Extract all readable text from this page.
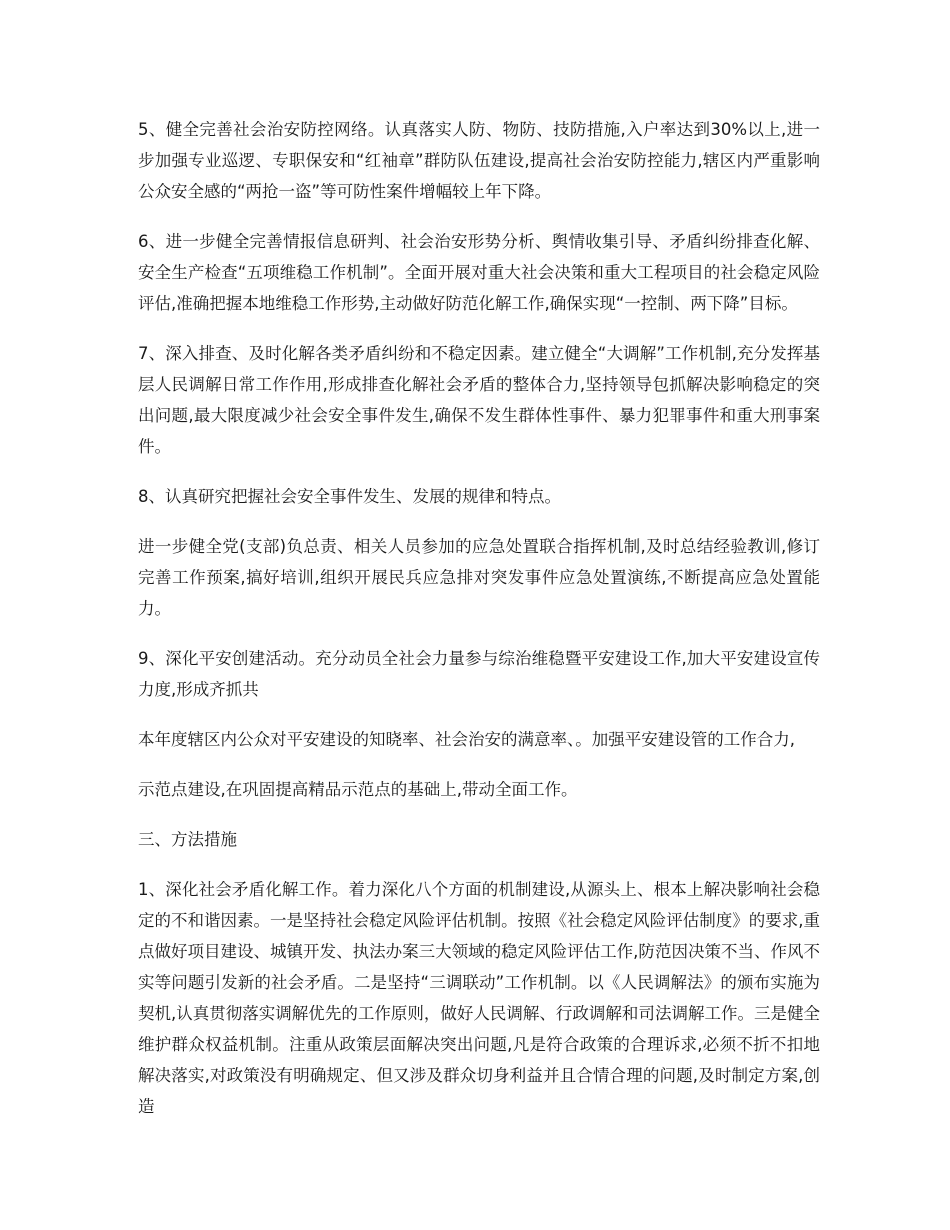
5、健全完善社会治安防控网络。认真落实人防、物防、技防措施,入户率达到30%以上,进一步加强专业巡逻、专职保安和“红袖章”群防队伍建设,提高社会治安防控能力,辖区内严重影响公众安全感的“两抢一盗”等可防性案件增幅较上年下降。

6、进一步健全完善情报信息研判、社会治安形势分析、舆情收集引导、矛盾纠纷排查化解、安全生产检查“五项维稳工作机制”。全面开展对重大社会决策和重大工程项目的社会稳定风险评估,准确把握本地维稳工作形势,主动做好防范化解工作,确保实现“一控制、两下降”目标。

7、深入排查、及时化解各类矛盾纠纷和不稳定因素。建立健全“大调解”工作机制,充分发挥基层人民调解日常工作作用,形成排查化解社会矛盾的整体合力,坚持领导包抓解决影响稳定的突出问题,最大限度减少社会安全事件发生,确保不发生群体性事件、暴力犯罪事件和重大刑事案件。

8、认真研究把握社会安全事件发生、发展的规律和特点。

进一步健全党(支部)负总责、相关人员参加的应急处置联合指挥机制,及时总结经验教训,修订完善工作预案,搞好培训,组织开展民兵应急排对突发事件应急处置演练,不断提高应急处置能力。

9、深化平安创建活动。充分动员全社会力量参与综治维稳暨平安建设工作,加大平安建设宣传力度,形成齐抓共

本年度辖区内公众对平安建设的知晓率、社会治安的满意率、。加强平安建设管的工作合力,

示范点建设,在巩固提高精品示范点的基础上,带动全面工作。

三、方法措施

1、深化社会矛盾化解工作。着力深化八个方面的机制建设,从源头上、根本上解决影响社会稳定的不和谐因素。一是坚持社会稳定风险评估机制。按照《社会稳定风险评估制度》的要求,重点做好项目建设、城镇开发、执法办案三大领域的稳定风险评估工作,防范因决策不当、作风不实等问题引发新的社会矛盾。二是坚持“三调联动”工作机制。以《人民调解法》的颁布实施为契机,认真贯彻落实调解优先的工作原则，做好人民调解、行政调解和司法调解工作。三是健全维护群众权益机制。注重从政策层面解决突出问题,凡是符合政策的合理诉求,必须不折不扣地解决落实,对政策没有明确规定、但又涉及群众切身利益并且合情合理的问题,及时制定方案,创造
